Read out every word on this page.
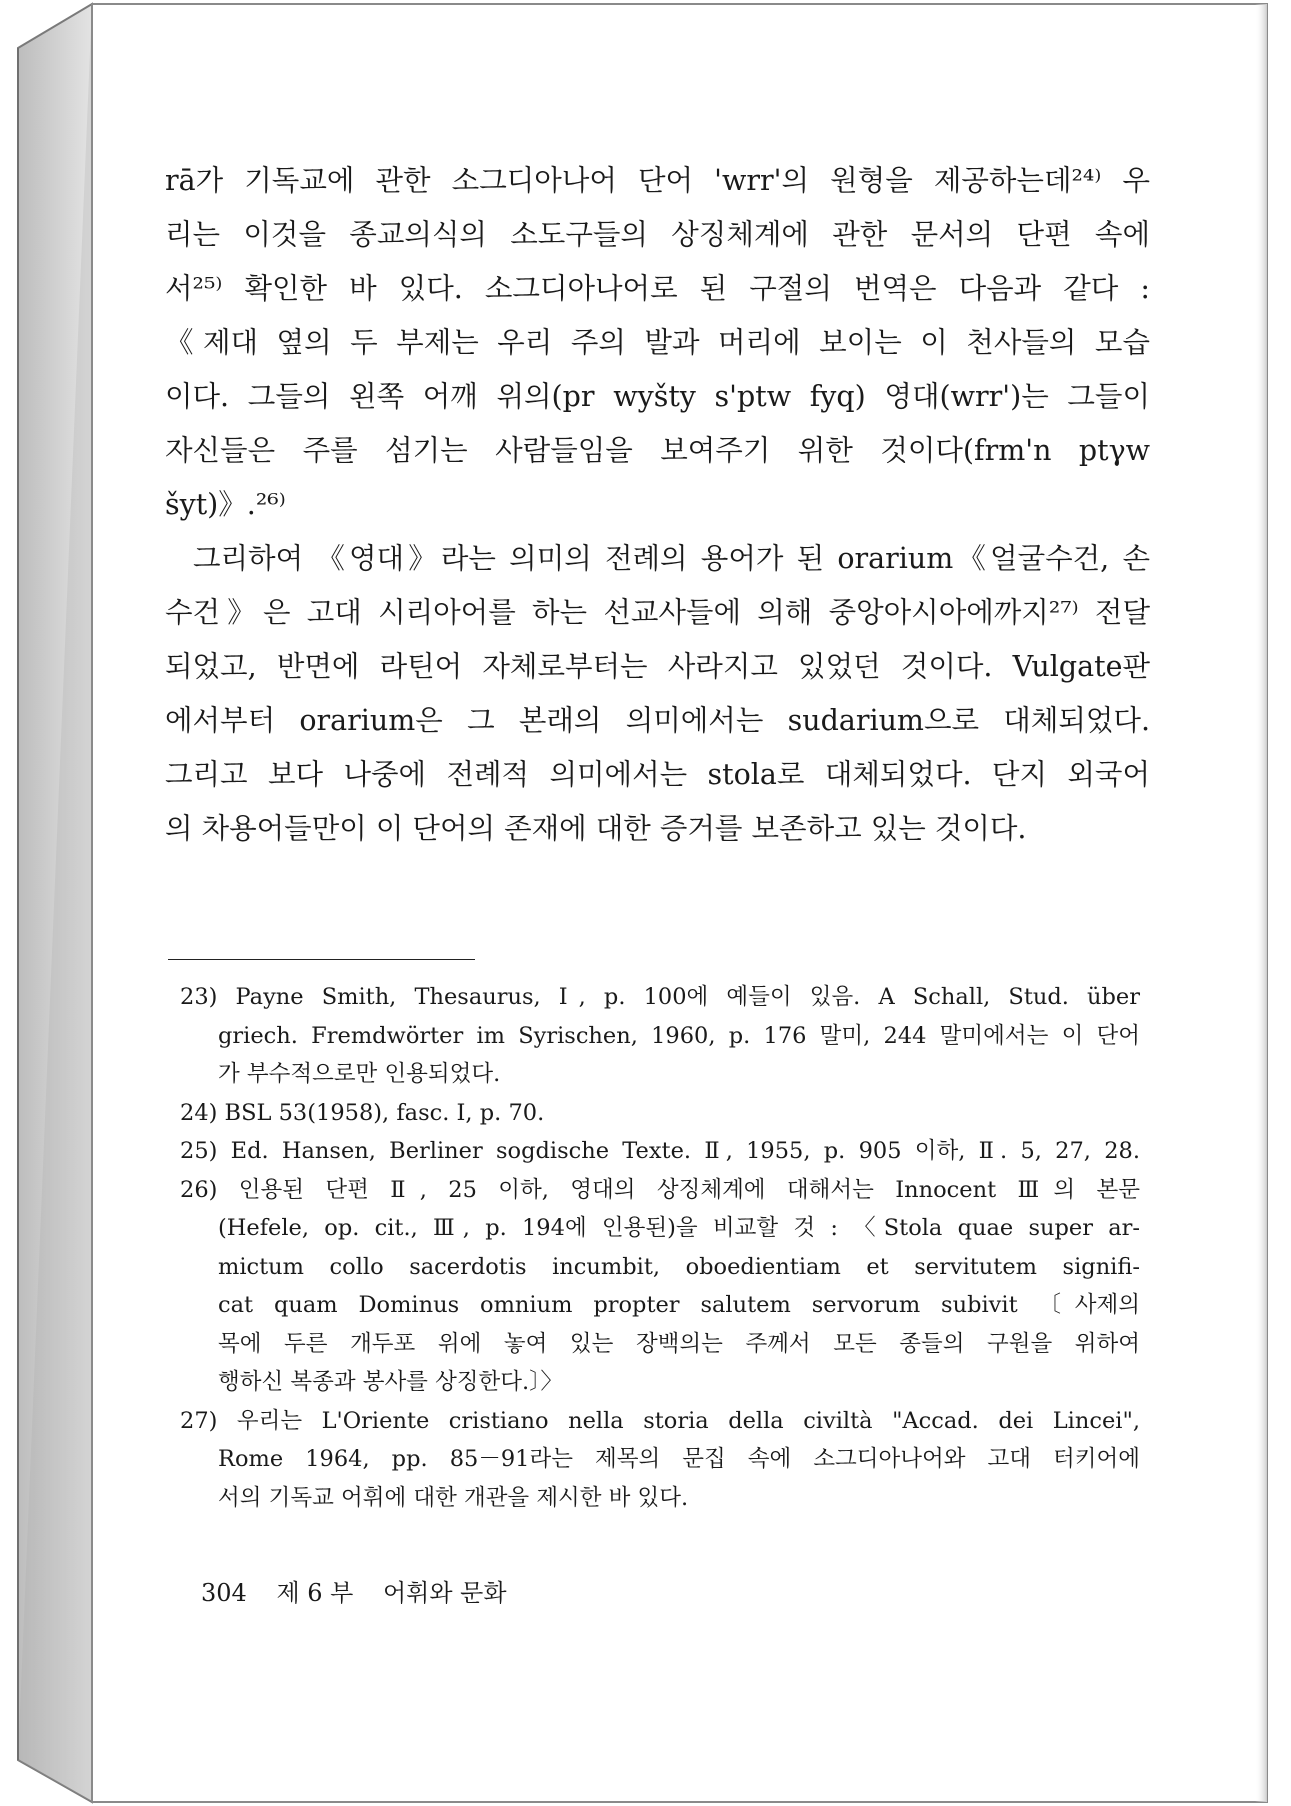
rā가 기독교에 관한 소그디아나어 단어 'wrr'의 원형을 제공하는데²⁴⁾ 우
리는 이것을 종교의식의 소도구들의 상징체계에 관한 문서의 단편 속에
서²⁵⁾ 확인한 바 있다. 소그디아나어로 된 구절의 번역은 다음과 같다 :
《제대 옆의 두 부제는 우리 주의 발과 머리에 보이는 이 천사들의 모습
이다. 그들의 왼쪽 어깨 위의(pr wyšty s'ptw fyq) 영대(wrr')는 그들이
자신들은 주를 섬기는 사람들임을 보여주기 위한 것이다(frm'n ptγw
šyt)》.²⁶⁾
그리하여 《영대》라는 의미의 전례의 용어가 된 orarium《얼굴수건, 손
수건》은 고대 시리아어를 하는 선교사들에 의해 중앙아시아에까지²⁷⁾ 전달
되었고, 반면에 라틴어 자체로부터는 사라지고 있었던 것이다. Vulgate판
에서부터 orarium은 그 본래의 의미에서는 sudarium으로 대체되었다.
그리고 보다 나중에 전례적 의미에서는 stola로 대체되었다. 단지 외국어
의 차용어들만이 이 단어의 존재에 대한 증거를 보존하고 있는 것이다.
23) Payne Smith, Thesaurus, Ⅰ, p. 100에 예들이 있음. A Schall, Stud. über
griech. Fremdwörter im Syrischen, 1960, p. 176 말미, 244 말미에서는 이 단어
가 부수적으로만 인용되었다.
24) BSL 53(1958), fasc. Ⅰ, p. 70.
25) Ed. Hansen, Berliner sogdische Texte. Ⅱ, 1955, p. 905 이하, Ⅱ. 5, 27, 28.
26) 인용된 단편 Ⅱ, 25 이하, 영대의 상징체계에 대해서는 Innocent Ⅲ의 본문
(Hefele, op. cit., Ⅲ, p. 194에 인용된)을 비교할 것 : 〈Stola quae super ar-
mictum collo sacerdotis incumbit, oboedientiam et servitutem signifi-
cat quam Dominus omnium propter salutem servorum subivit 〔사제의
목에 두른 개두포 위에 놓여 있는 장백의는 주께서 모든 종들의 구원을 위하여
행하신 복종과 봉사를 상징한다.〕〉
27) 우리는 L'Oriente cristiano nella storia della civiltà "Accad. dei Lincei",
Rome 1964, pp. 85－91라는 제목의 문집 속에 소그디아나어와 고대 터키어에
서의 기독교 어휘에 대한 개관을 제시한 바 있다.
304 제 6 부 어휘와 문화
